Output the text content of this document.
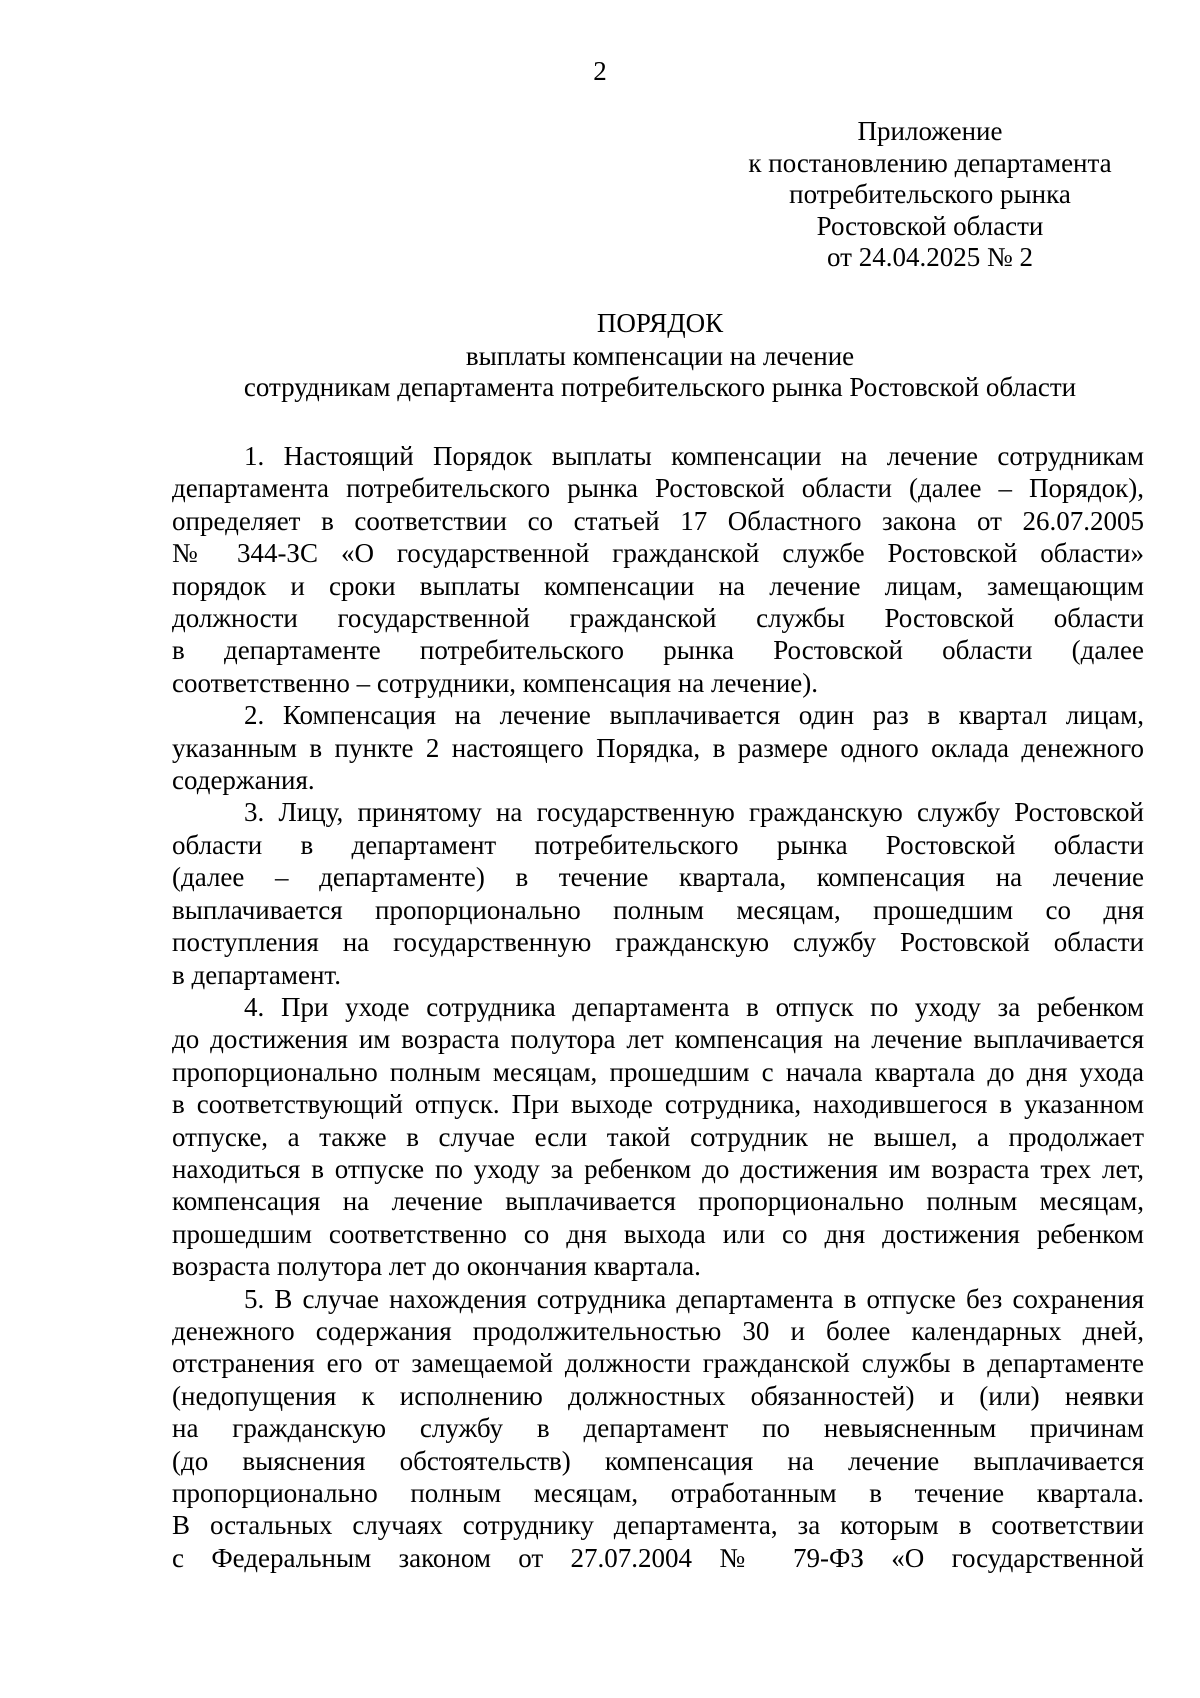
2
Приложение
к постановлению департамента
потребительского рынка
Ростовской области
от 24.04.2025 № 2
ПОРЯДОК
выплаты компенсации на лечение
сотрудникам департамента потребительского рынка Ростовской области
1. Настоящий Порядок выплаты компенсации на лечение сотрудникам
департамента потребительского рынка Ростовской области (далее – Порядок),
определяет в соответствии со статьей 17 Областного закона от 26.07.2005
№ 344-ЗС «О государственной гражданской службе Ростовской области»
порядок и сроки выплаты компенсации на лечение лицам, замещающим
должности государственной гражданской службы Ростовской области
в департаменте потребительского рынка Ростовской области (далее
соответственно – сотрудники, компенсация на лечение).
2. Компенсация на лечение выплачивается один раз в квартал лицам,
указанным в пункте 2 настоящего Порядка, в размере одного оклада денежного
содержания.
3. Лицу, принятому на государственную гражданскую службу Ростовской
области в департамент потребительского рынка Ростовской области
(далее – департаменте) в течение квартала, компенсация на лечение
выплачивается пропорционально полным месяцам, прошедшим со дня
поступления на государственную гражданскую службу Ростовской области
в департамент.
4. При уходе сотрудника департамента в отпуск по уходу за ребенком
до достижения им возраста полутора лет компенсация на лечение выплачивается
пропорционально полным месяцам, прошедшим с начала квартала до дня ухода
в соответствующий отпуск. При выходе сотрудника, находившегося в указанном
отпуске, а также в случае если такой сотрудник не вышел, а продолжает
находиться в отпуске по уходу за ребенком до достижения им возраста трех лет,
компенсация на лечение выплачивается пропорционально полным месяцам,
прошедшим соответственно со дня выхода или со дня достижения ребенком
возраста полутора лет до окончания квартала.
5. В случае нахождения сотрудника департамента в отпуске без сохранения
денежного содержания продолжительностью 30 и более календарных дней,
отстранения его от замещаемой должности гражданской службы в департаменте
(недопущения к исполнению должностных обязанностей) и (или) неявки
на гражданскую службу в департамент по невыясненным причинам
(до выяснения обстоятельств) компенсация на лечение выплачивается
пропорционально полным месяцам, отработанным в течение квартала.
В остальных случаях сотруднику департамента, за которым в соответствии
с Федеральным законом от 27.07.2004 № 79-ФЗ «О государственной
